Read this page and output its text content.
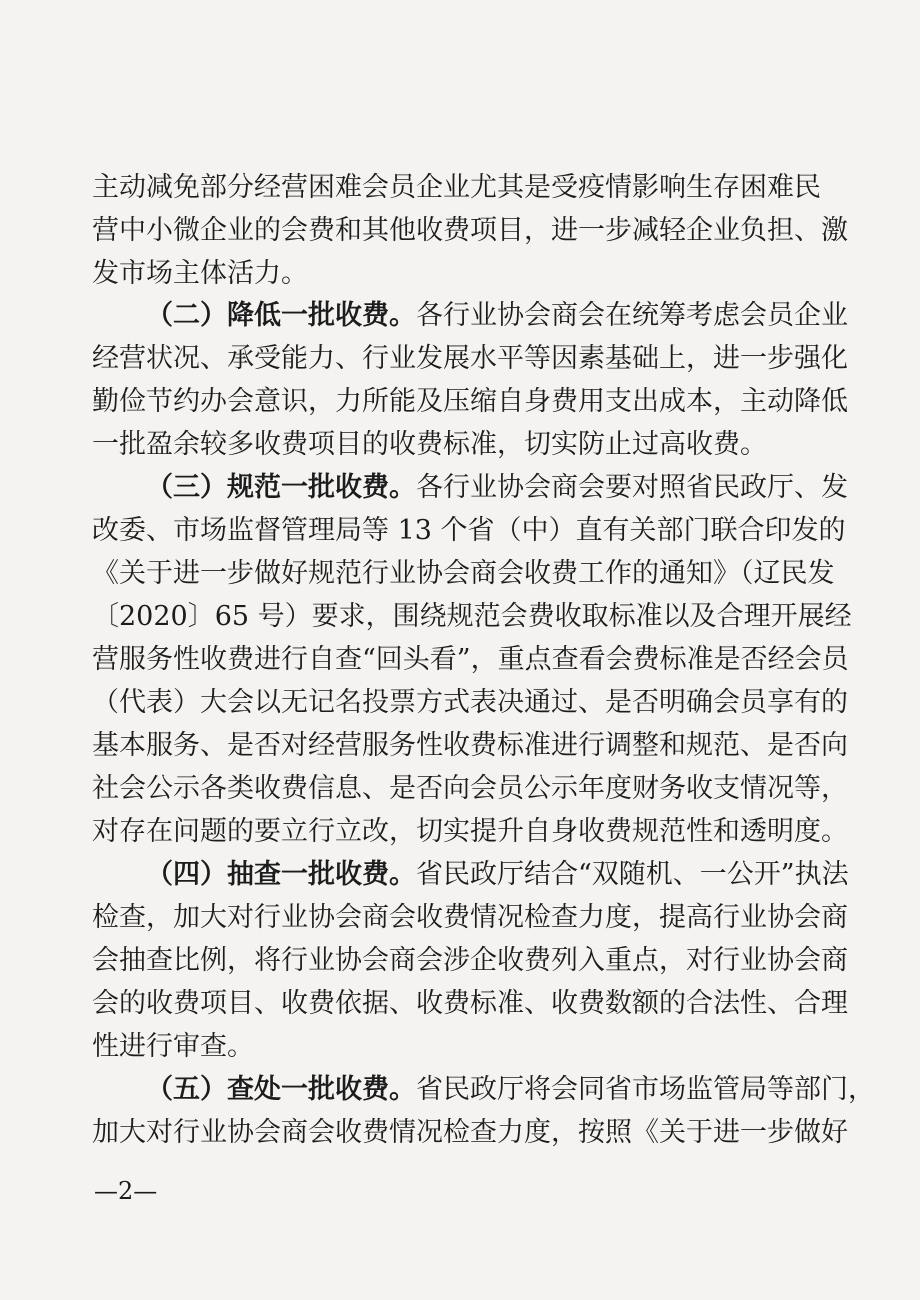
主动减免部分经营困难会员企业尤其是受疫情影响生存困难民
营中小微企业的会费和其他收费项目，进一步减轻企业负担、激
发市场主体活力。
（二）降低一批收费。各行业协会商会在统筹考虑会员企业
经营状况、承受能力、行业发展水平等因素基础上，进一步强化
勤俭节约办会意识，力所能及压缩自身费用支出成本，主动降低
一批盈余较多收费项目的收费标准，切实防止过高收费。
（三）规范一批收费。各行业协会商会要对照省民政厅、发
改委、市场监督管理局等 13 个省（中）直有关部门联合印发的
《关于进一步做好规范行业协会商会收费工作的通知》（辽民发
〔2020〕65 号）要求，围绕规范会费收取标准以及合理开展经
营服务性收费进行自查“回头看”，重点查看会费标准是否经会员
（代表）大会以无记名投票方式表决通过、是否明确会员享有的
基本服务、是否对经营服务性收费标准进行调整和规范、是否向
社会公示各类收费信息、是否向会员公示年度财务收支情况等，
对存在问题的要立行立改，切实提升自身收费规范性和透明度。
（四）抽查一批收费。省民政厅结合“双随机、一公开”执法
检查，加大对行业协会商会收费情况检查力度，提高行业协会商
会抽查比例，将行业协会商会涉企收费列入重点，对行业协会商
会的收费项目、收费依据、收费标准、收费数额的合法性、合理
性进行审查。
（五）查处一批收费。省民政厅将会同省市场监管局等部门，
加大对行业协会商会收费情况检查力度，按照《关于进一步做好
—2—
